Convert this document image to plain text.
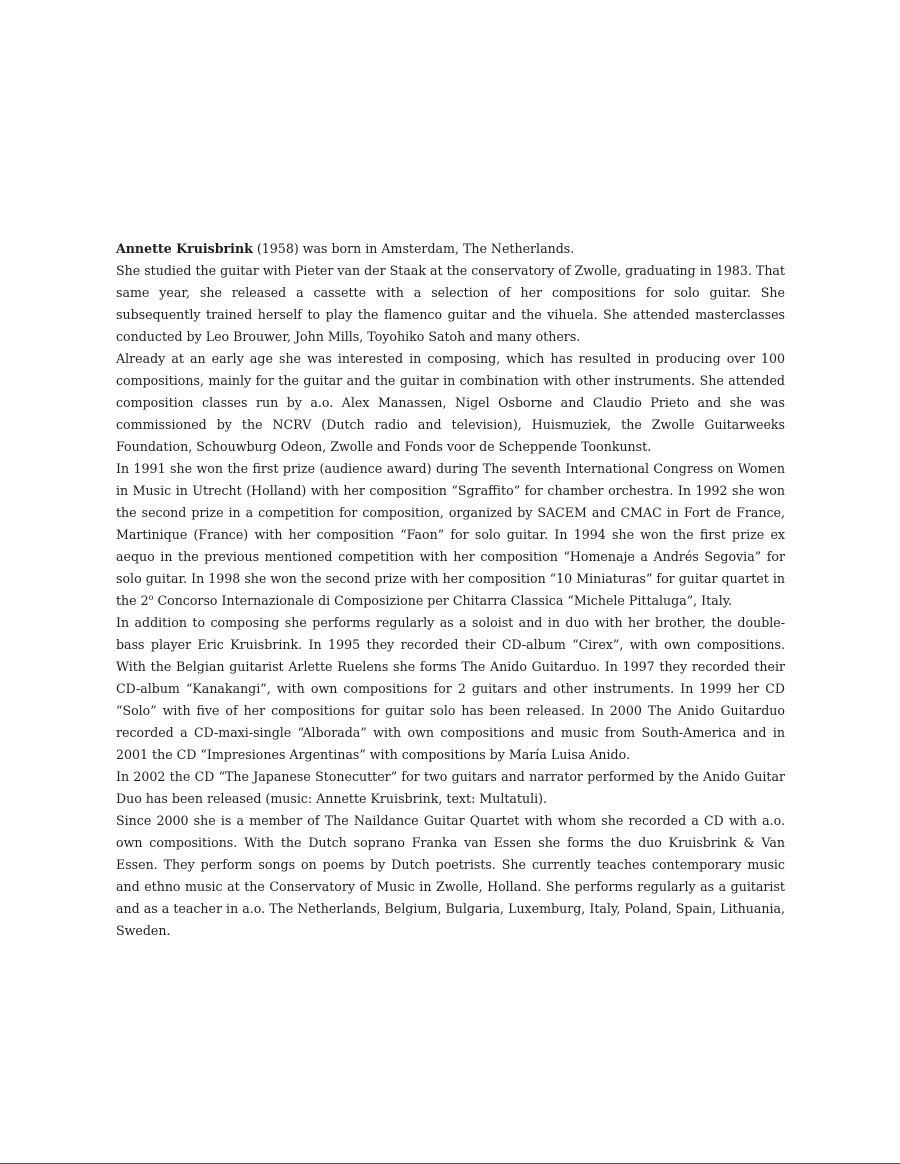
Annette Kruisbrink (1958) was born in Amsterdam, The Netherlands.

She studied the guitar with Pieter van der Staak at the conservatory of Zwolle, graduating in 1983. That same year, she released a cassette with a selection of her compositions for solo guitar. She subsequently trained herself to play the flamenco guitar and the vihuela. She attended masterclasses conducted by Leo Brouwer, John Mills, Toyohiko Satoh and many others.

Already at an early age she was interested in composing, which has resulted in producing over 100 compositions, mainly for the guitar and the guitar in combination with other instruments. She attended composition classes run by a.o. Alex Manassen, Nigel Osborne and Claudio Prieto and she was commissioned by the NCRV (Dutch radio and television), Huismuziek, the Zwolle Guitarweeks Foundation, Schouwburg Odeon, Zwolle and Fonds voor de Scheppende Toonkunst.

In 1991 she won the first prize (audience award) during The seventh International Congress on Women in Music in Utrecht (Holland) with her composition “Sgraffito” for chamber orchestra. In 1992 she won the second prize in a competition for composition, organized by SACEM and CMAC in Fort de France, Martinique (France) with her composition “Faon” for solo guitar. In 1994 she won the first prize ex aequo in the previous mentioned competition with her composition “Homenaje a Andrés Segovia” for solo guitar. In 1998 she won the second prize with her composition “10 Miniaturas” for guitar quartet in the 2$^o$ Concorso Internazionale di Composizione per Chitarra Classica “Michele Pittaluga”, Italy.

In addition to composing she performs regularly as a soloist and in duo with her brother, the double-bass player Eric Kruisbrink. In 1995 they recorded their CD-album “Cirex”, with own compositions. With the Belgian guitarist Arlette Ruelens she forms The Anido Guitarduo. In 1997 they recorded their CD-album “Kanakangi”, with own compositions for 2 guitars and other instruments. In 1999 her CD “Solo” with five of her compositions for guitar solo has been released. In 2000 The Anido Guitarduo recorded a CD-maxi-single “Alborada” with own compositions and music from South-America and in 2001 the CD “Impresiones Argentinas” with compositions by María Luisa Anido.

In 2002 the CD “The Japanese Stonecutter” for two guitars and narrator performed by the Anido Guitar Duo has been released (music: Annette Kruisbrink, text: Multatuli).

Since 2000 she is a member of The Naildance Guitar Quartet with whom she recorded a CD with a.o. own compositions. With the Dutch soprano Franka van Essen she forms the duo Kruisbrink & Van Essen. They perform songs on poems by Dutch poetrists. She currently teaches contemporary music and ethno music at the Conservatory of Music in Zwolle, Holland. She performs regularly as a guitarist and as a teacher in a.o. The Netherlands, Belgium, Bulgaria, Luxemburg, Italy, Poland, Spain, Lithuania, Sweden.
